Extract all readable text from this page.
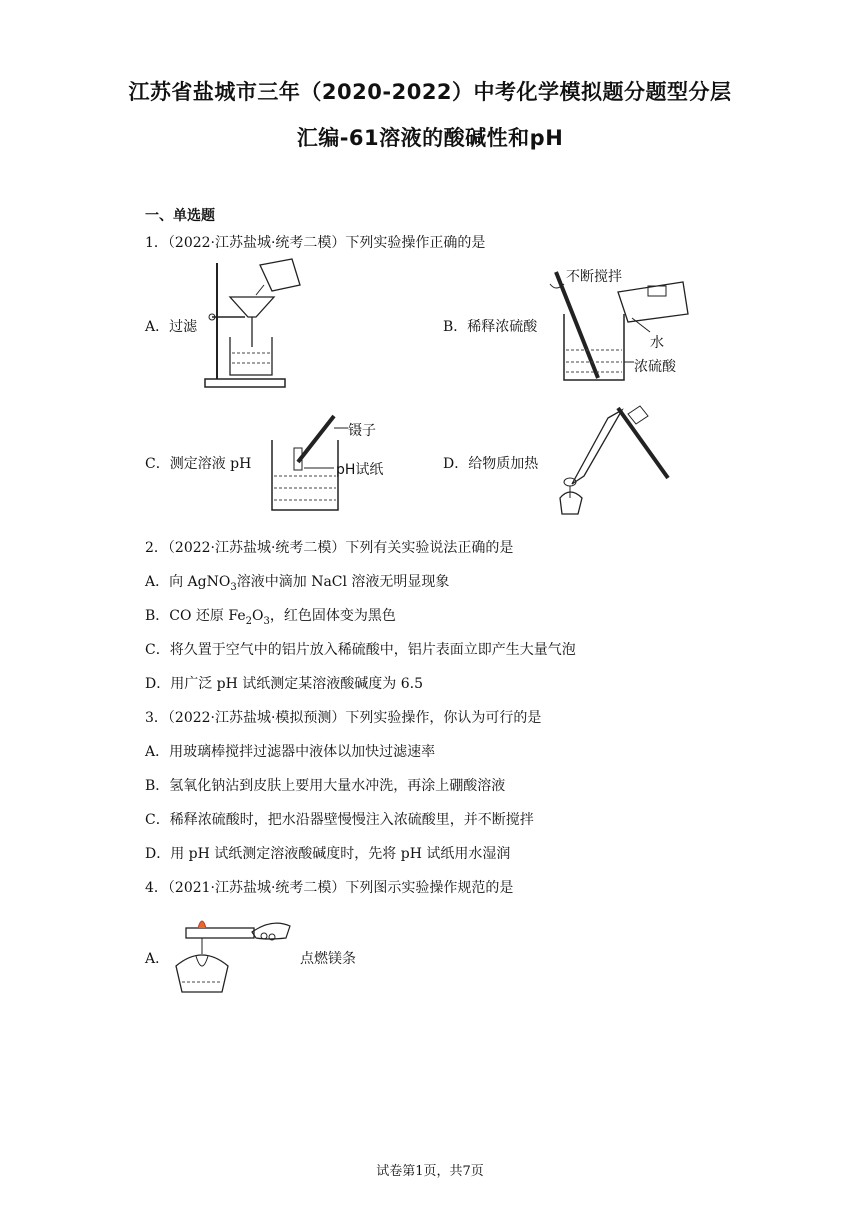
江苏省盐城市三年（2020-2022）中考化学模拟题分题型分层
汇编-61溶液的酸碱性和pH
一、单选题
1．（2022·江苏盐城·统考二模）下列实验操作正确的是
A．过滤	B．稀释浓硫酸
不断搅拌
水
浓硫酸
C．测定溶液 pH
镊子
pH试纸	D．给物质加热
2．（2022·江苏盐城·统考二模）下列有关实验说法正确的是
A．向 AgNO$_3$溶液中滴加 NaCl 溶液无明显现象
B．CO 还原 $Fe_2O_3$，红色固体变为黑色
C．将久置于空气中的铝片放入稀硫酸中，铝片表面立即产生大量气泡
D．用广泛 pH 试纸测定某溶液酸碱度为 6.5
3．（2022·江苏盐城·模拟预测）下列实验操作，你认为可行的是
A．用玻璃棒搅拌过滤器中液体以加快过滤速率
B．氢氧化钠沾到皮肤上要用大量水冲洗，再涂上硼酸溶液
C．稀释浓硫酸时，把水沿器壁慢慢注入浓硫酸里，并不断搅拌
D．用 pH 试纸测定溶液酸碱度时，先将 pH 试纸用水湿润
4．（2021·江苏盐城·统考二模）下列图示实验操作规范的是
A．	点燃镁条
试卷第1页，共7页
